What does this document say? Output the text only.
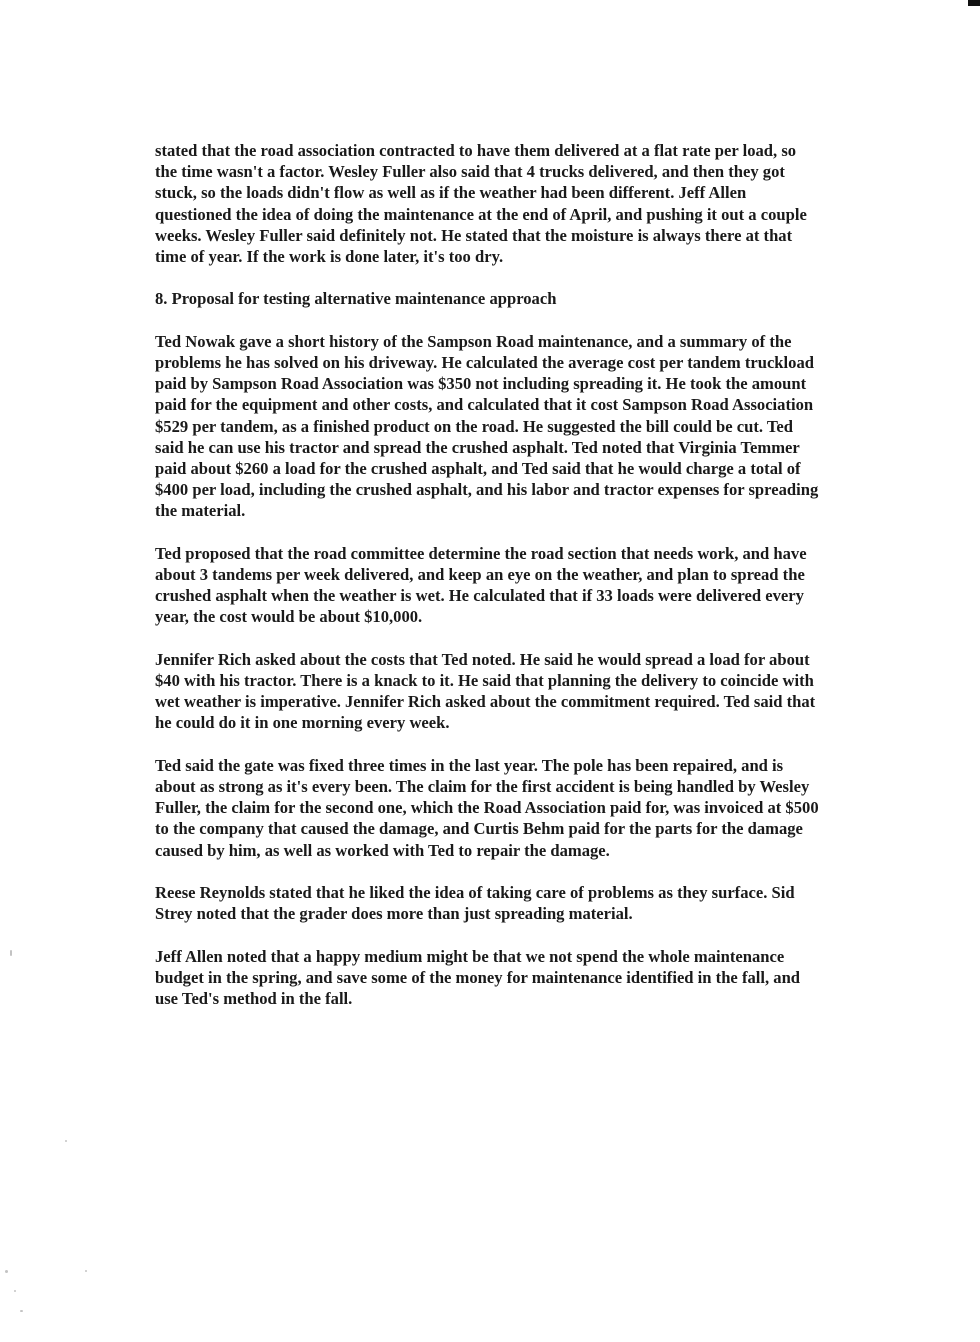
stated that the road association contracted to have them delivered at a flat rate per load, so the time wasn't a factor. Wesley Fuller also said that 4 trucks delivered, and then they got stuck, so the loads didn't flow as well as if the weather had been different. Jeff Allen questioned the idea of doing the maintenance at the end of April, and pushing it out a couple weeks. Wesley Fuller said definitely not. He stated that the moisture is always there at that time of year. If the work is done later, it's too dry.

8. Proposal for testing alternative maintenance approach

Ted Nowak gave a short history of the Sampson Road maintenance, and a summary of the problems he has solved on his driveway. He calculated the average cost per tandem truckload paid by Sampson Road Association was $350 not including spreading it. He took the amount paid for the equipment and other costs, and calculated that it cost Sampson Road Association $529 per tandem, as a finished product on the road. He suggested the bill could be cut. Ted said he can use his tractor and spread the crushed asphalt. Ted noted that Virginia Temmer paid about $260 a load for the crushed asphalt, and Ted said that he would charge a total of $400 per load, including the crushed asphalt, and his labor and tractor expenses for spreading the material.

Ted proposed that the road committee determine the road section that needs work, and have about 3 tandems per week delivered, and keep an eye on the weather, and plan to spread the crushed asphalt when the weather is wet. He calculated that if 33 loads were delivered every year, the cost would be about $10,000.

Jennifer Rich asked about the costs that Ted noted. He said he would spread a load for about $40 with his tractor. There is a knack to it. He said that planning the delivery to coincide with wet weather is imperative. Jennifer Rich asked about the commitment required. Ted said that he could do it in one morning every week.

Ted said the gate was fixed three times in the last year. The pole has been repaired, and is about as strong as it's every been. The claim for the first accident is being handled by Wesley Fuller, the claim for the second one, which the Road Association paid for, was invoiced at $500 to the company that caused the damage, and Curtis Behm paid for the parts for the damage caused by him, as well as worked with Ted to repair the damage.

Reese Reynolds stated that he liked the idea of taking care of problems as they surface. Sid Strey noted that the grader does more than just spreading material.

Jeff Allen noted that a happy medium might be that we not spend the whole maintenance budget in the spring, and save some of the money for maintenance identified in the fall, and use Ted's method in the fall.
